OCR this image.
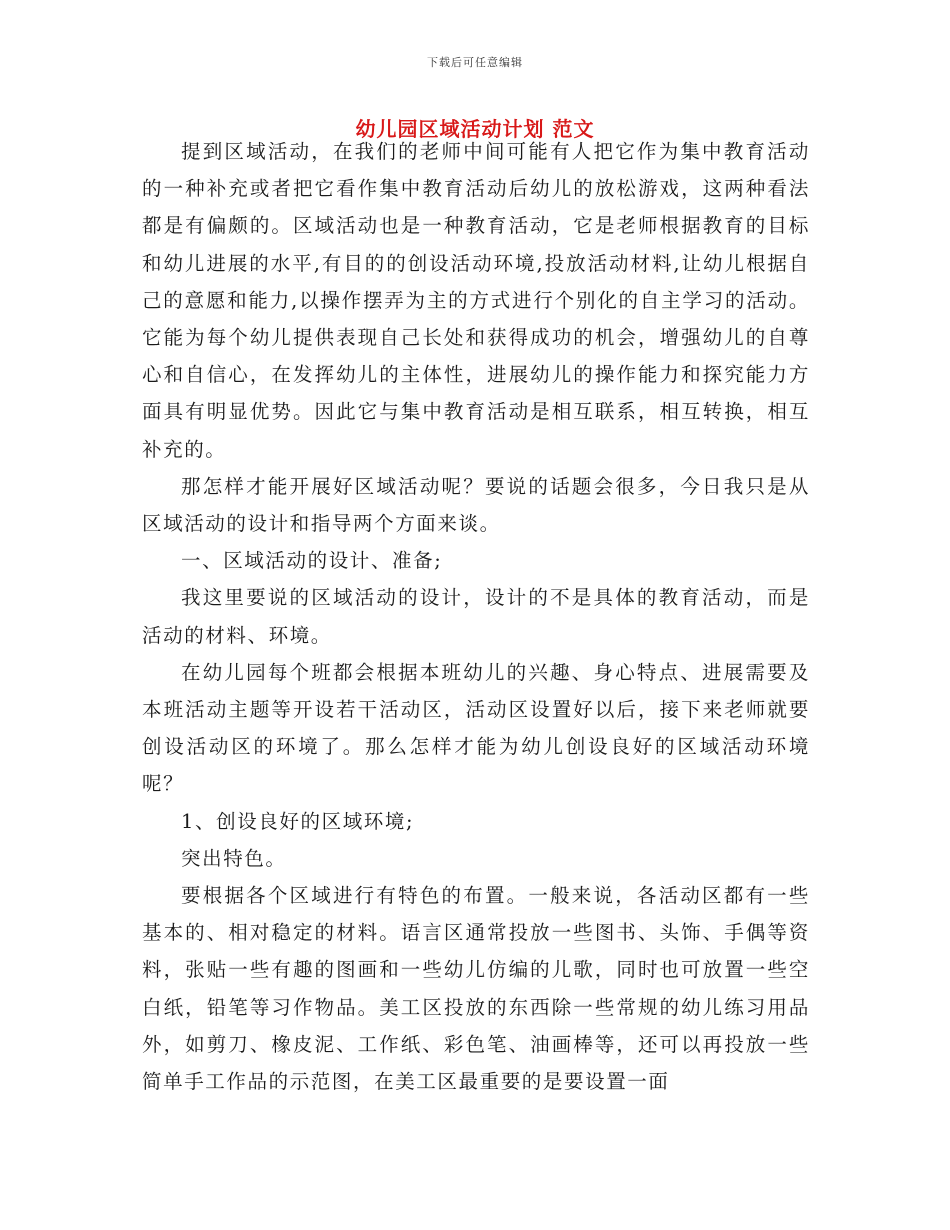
下载后可任意编辑
幼儿园区域活动计划 范文

提到区域活动，在我们的老师中间可能有人把它作为集中教育活动的一种补充或者把它看作集中教育活动后幼儿的放松游戏，这两种看法都是有偏颇的。区域活动也是一种教育活动，它是老师根据教育的目标和幼儿进展的水平,有目的的创设活动环境,投放活动材料,让幼儿根据自己的意愿和能力,以操作摆弄为主的方式进行个别化的自主学习的活动。它能为每个幼儿提供表现自己长处和获得成功的机会，增强幼儿的自尊心和自信心，在发挥幼儿的主体性，进展幼儿的操作能力和探究能力方面具有明显优势。因此它与集中教育活动是相互联系，相互转换，相互补充的。

那怎样才能开展好区域活动呢？要说的话题会很多，今日我只是从区域活动的设计和指导两个方面来谈。

一、区域活动的设计、准备;

我这里要说的区域活动的设计，设计的不是具体的教育活动，而是活动的材料、环境。

在幼儿园每个班都会根据本班幼儿的兴趣、身心特点、进展需要及本班活动主题等开设若干活动区，活动区设置好以后，接下来老师就要创设活动区的环境了。那么怎样才能为幼儿创设良好的区域活动环境呢？

1、创设良好的区域环境;

突出特色。

要根据各个区域进行有特色的布置。一般来说，各活动区都有一些基本的、相对稳定的材料。语言区通常投放一些图书、头饰、手偶等资料，张贴一些有趣的图画和一些幼儿仿编的儿歌，同时也可放置一些空白纸，铅笔等习作物品。美工区投放的东西除一些常规的幼儿练习用品外，如剪刀、橡皮泥、工作纸、彩色笔、油画棒等，还可以再投放一些简单手工作品的示范图，在美工区最重要的是要设置一面
